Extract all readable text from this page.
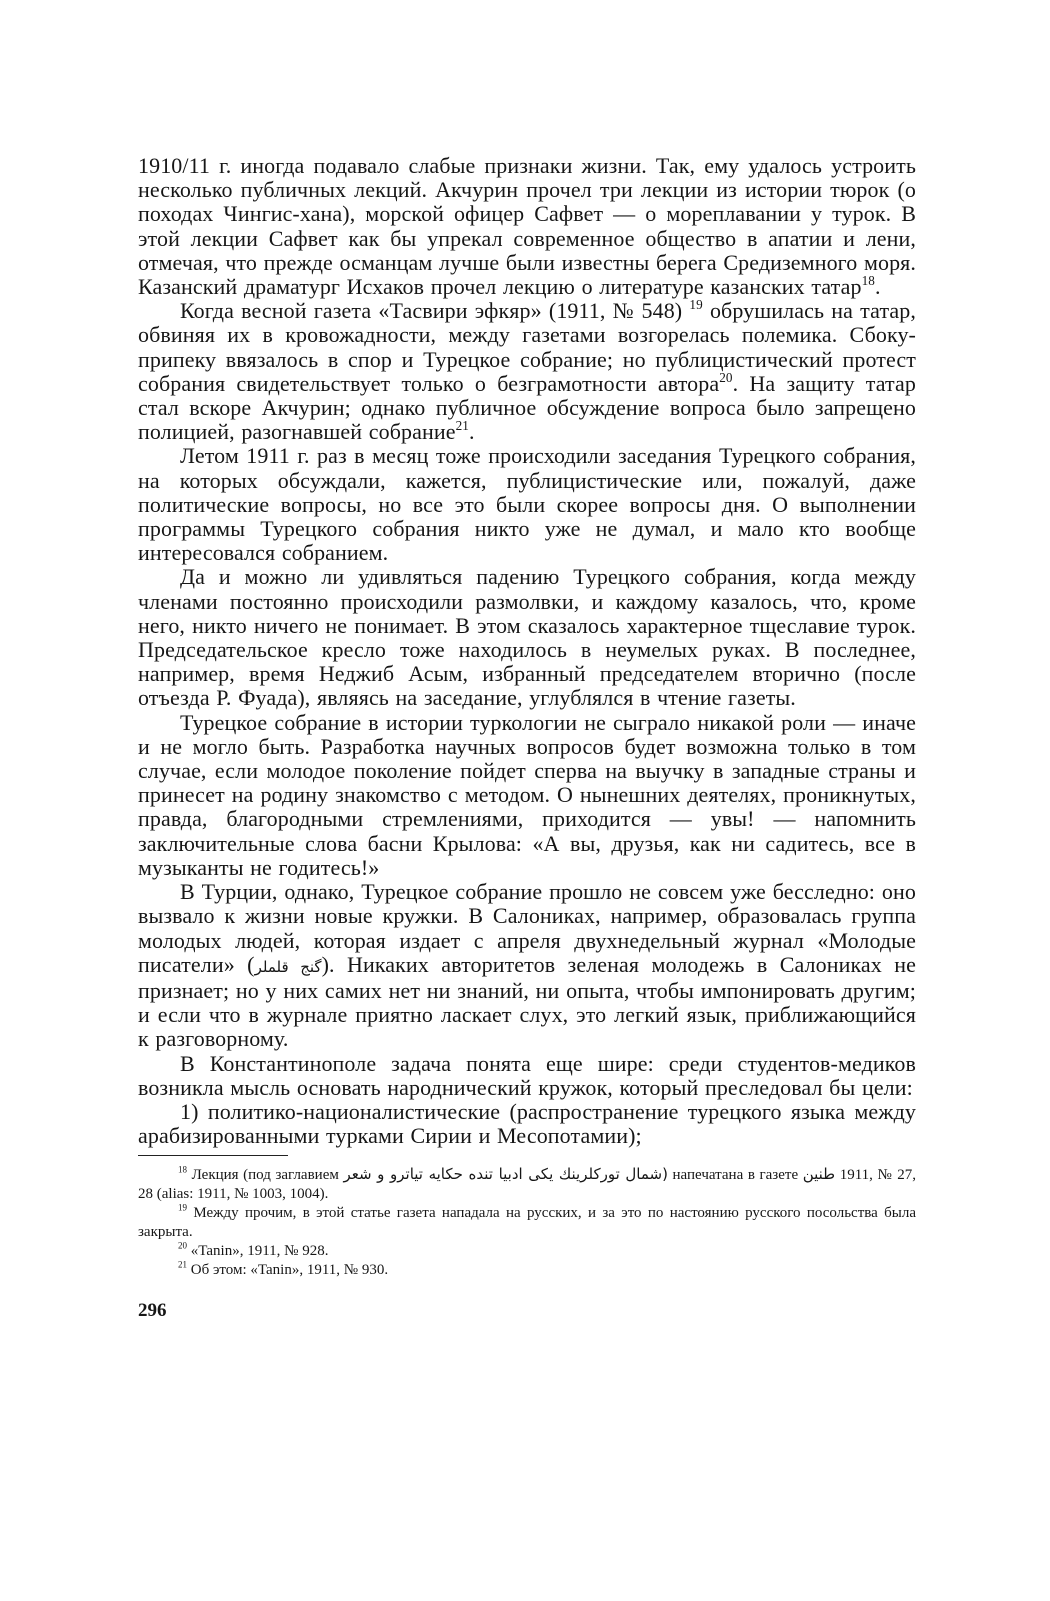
1910/11 г. иногда подавало слабые признаки жизни. Так, ему удалось устроить несколько публичных лекций. Акчурин прочел три лекции из истории тюрок (о походах Чингис-хана), морской офицер Сафвет — о мореплавании у турок. В этой лекции Сафвет как бы упрекал современное общество в апатии и лени, отмечая, что прежде османцам лучше были известны берега Средиземного моря. Казанский драматург Исхаков прочел лекцию о литературе казанских татар$^{18}$.

Когда весной газета «Тасвири эфкяр» (1911, № 548) $^{19}$ обрушилась на татар, обвиняя их в кровожадности, между газетами возгорелась полемика. Сбоку-припеку ввязалось в спор и Турецкое собрание; но публицистический протест собрания свидетельствует только о безграмотности автора$^{20}$. На защиту татар стал вскоре Акчурин; однако публичное обсуждение вопроса было запрещено полицией, разогнавшей собрание$^{21}$.

Летом 1911 г. раз в месяц тоже происходили заседания Турецкого собрания, на которых обсуждали, кажется, публицистические или, пожалуй, даже политические вопросы, но все это были скорее вопросы дня. О выполнении программы Турецкого собрания никто уже не думал, и мало кто вообще интересовался собранием.

Да и можно ли удивляться падению Турецкого собрания, когда между членами постоянно происходили размолвки, и каждому казалось, что, кроме него, никто ничего не понимает. В этом сказалось характерное тщеславие турок. Председательское кресло тоже находилось в неумелых руках. В последнее, например, время Неджиб Асым, избранный председателем вторично (после отъезда Р. Фуада), являясь на заседание, углублялся в чтение газеты.

Турецкое собрание в истории туркологии не сыграло никакой роли — иначе и не могло быть. Разработка научных вопросов будет возможна только в том случае, если молодое поколение пойдет сперва на выучку в западные страны и принесет на родину знакомство с методом. О нынешних деятелях, проникнутых, правда, благородными стремлениями, приходится — увы! — напомнить заключительные слова басни Крылова: «А вы, друзья, как ни садитесь, все в музыканты не годитесь!»

В Турции, однако, Турецкое собрание прошло не совсем уже бесследно: оно вызвало к жизни новые кружки. В Салониках, например, образовалась группа молодых людей, которая издает с апреля двухнедельный журнал «Молодые писатели» (گنج قلملر). Никаких авторитетов зеленая молодежь в Салониках не признает; но у них самих нет ни знаний, ни опыта, чтобы импонировать другим; и если что в журнале приятно ласкает слух, это легкий язык, приближающийся к разговорному.

В Константинополе задача понята еще шире: среди студентов-медиков возникла мысль основать народнический кружок, который преследовал бы цели:

1) политико-националистические (распространение турецкого языка между арабизированными турками Сирии и Месопотамии);

$^{18}$ Лекция (под заглавием (شمال توركلرينك يكى ادبيا تنده حكايه تياترو و شعر напечатана в газете طنين 1911, № 27, 28 (alias: 1911, № 1003, 1004).

$^{19}$ Между прочим, в этой статье газета нападала на русских, и за это по настоянию русского посольства была закрыта.

$^{20}$ «Tanin», 1911, № 928.

$^{21}$ Об этом: «Tanin», 1911, № 930.

296
